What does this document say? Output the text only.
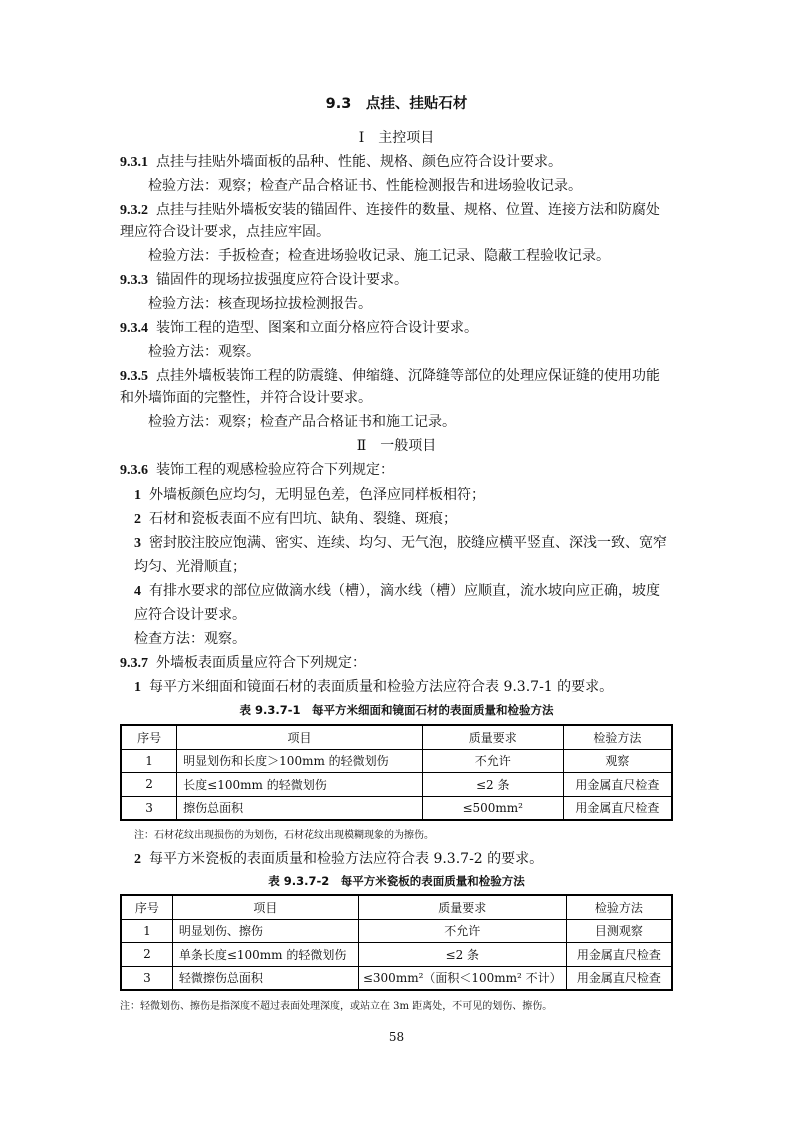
9.3　点挂、挂贴石材
Ⅰ　主控项目
9.3.1 点挂与挂贴外墙面板的品种、性能、规格、颜色应符合设计要求。
检验方法：观察；检查产品合格证书、性能检测报告和进场验收记录。
9.3.2 点挂与挂贴外墙板安装的锚固件、连接件的数量、规格、位置、连接方法和防腐处
理应符合设计要求，点挂应牢固。
检验方法：手扳检查；检查进场验收记录、施工记录、隐蔽工程验收记录。
9.3.3 锚固件的现场拉拔强度应符合设计要求。
检验方法：核查现场拉拔检测报告。
9.3.4 装饰工程的造型、图案和立面分格应符合设计要求。
检验方法：观察。
9.3.5 点挂外墙板装饰工程的防震缝、伸缩缝、沉降缝等部位的处理应保证缝的使用功能
和外墙饰面的完整性，并符合设计要求。
检验方法：观察；检查产品合格证书和施工记录。
Ⅱ　一般项目
9.3.6 装饰工程的观感检验应符合下列规定：
1 外墙板颜色应均匀，无明显色差，色泽应同样板相符；
2 石材和瓷板表面不应有凹坑、缺角、裂缝、斑痕；
3 密封胶注胶应饱满、密实、连续、均匀、无气泡，胶缝应横平竖直、深浅一致、宽窄
均匀、光滑顺直；
4 有排水要求的部位应做滴水线（槽），滴水线（槽）应顺直，流水坡向应正确，坡度
应符合设计要求。
检查方法：观察。
9.3.7 外墙板表面质量应符合下列规定：
1 每平方米细面和镜面石材的表面质量和检验方法应符合表 9.3.7-1 的要求。
表 9.3.7-1　每平方米细面和镜面石材的表面质量和检验方法
序号	项目	质量要求	检验方法
1	明显划伤和长度＞100mm 的轻微划伤	不允许	观察
2	长度≤100mm 的轻微划伤	≤2 条	用金属直尺检查
3	擦伤总面积	≤500mm²	用金属直尺检查
注：石材花纹出现损伤的为划伤，石材花纹出现模糊现象的为擦伤。
2 每平方米瓷板的表面质量和检验方法应符合表 9.3.7-2 的要求。
表 9.3.7-2　每平方米瓷板的表面质量和检验方法
序号	项目	质量要求	检验方法
1	明显划伤、擦伤	不允许	目测观察
2	单条长度≤100mm 的轻微划伤	≤2 条	用金属直尺检查
3	轻微擦伤总面积	≤300mm²（面积＜100mm² 不计）	用金属直尺检查
注：轻微划伤、擦伤是指深度不超过表面处理深度，或站立在 3m 距离处，不可见的划伤、擦伤。
58
